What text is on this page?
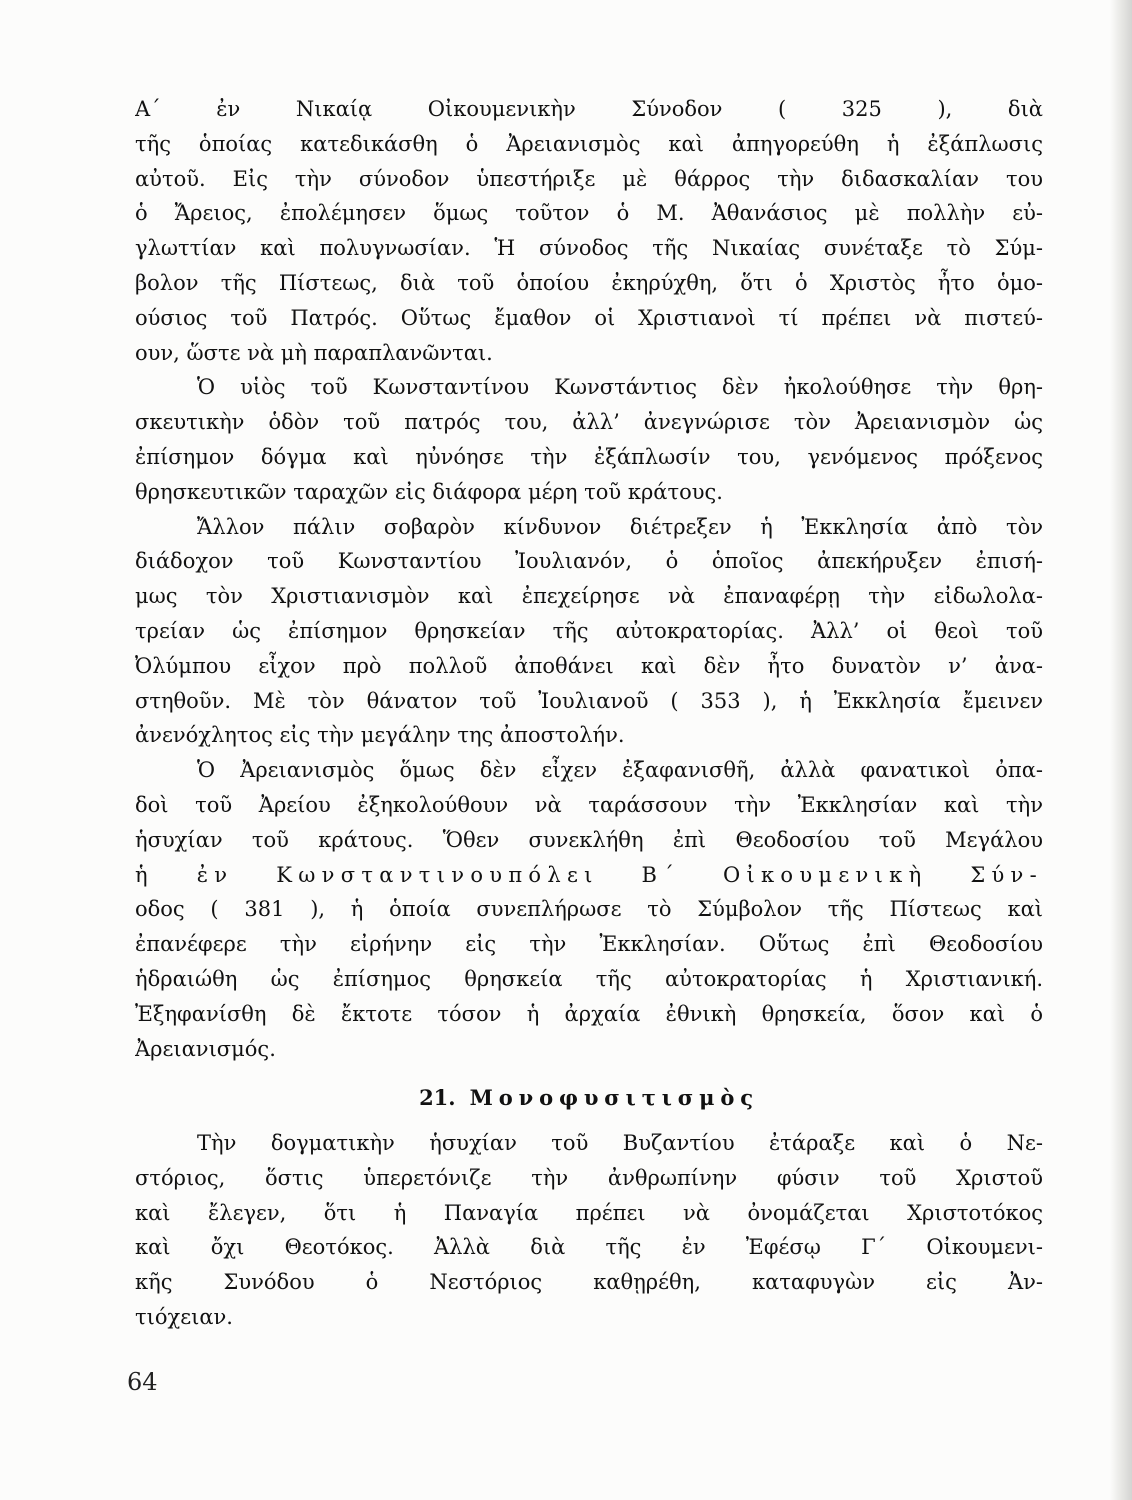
Α΄ ἐν Νικαίᾳ Οἰκουμενικὴν Σύνοδον ( 325 ), διὰ
τῆς ὁποίας κατεδικάσθη ὁ Ἀρειανισμὸς καὶ ἀπηγορεύθη ἡ ἐξάπλωσις
αὐτοῦ. Εἰς τὴν σύνοδον ὑπεστήριξε μὲ θάρρος τὴν διδασκαλίαν του
ὁ Ἄρειος, ἐπολέμησεν ὅμως τοῦτον ὁ Μ. Ἀθανάσιος μὲ πολλὴν εὐ-
γλωττίαν καὶ πολυγνωσίαν. Ἡ σύνοδος τῆς Νικαίας συνέταξε τὸ Σύμ-
βολον τῆς Πίστεως, διὰ τοῦ ὁποίου ἐκηρύχθη, ὅτι ὁ Χριστὸς ἦτο ὁμο-
ούσιος τοῦ Πατρός. Οὕτως ἔμαθον οἱ Χριστιανοὶ τί πρέπει νὰ πιστεύ-
ουν, ὥστε νὰ μὴ παραπλανῶνται.
Ὁ υἱὸς τοῦ Κωνσταντίνου Κωνστάντιος δὲν ἠκολούθησε τὴν θρη-
σκευτικὴν ὁδὸν τοῦ πατρός του, ἀλλ’ ἀνεγνώρισε τὸν Ἀρειανισμὸν ὡς
ἐπίσημον δόγμα καὶ ηὐνόησε τὴν ἐξάπλωσίν του, γενόμενος πρόξενος
θρησκευτικῶν ταραχῶν εἰς διάφορα μέρη τοῦ κράτους.
Ἄλλον πάλιν σοβαρὸν κίνδυνον διέτρεξεν ἡ Ἐκκλησία ἀπὸ τὸν
διάδοχον τοῦ Κωνσταντίου Ἰουλιανόν, ὁ ὁποῖος ἀπεκήρυξεν ἐπισή-
μως τὸν Χριστιανισμὸν καὶ ἐπεχείρησε νὰ ἐπαναφέρῃ τὴν εἰδωλολα-
τρείαν ὡς ἐπίσημον θρησκείαν τῆς αὐτοκρατορίας. Ἀλλ’ οἱ θεοὶ τοῦ
Ὀλύμπου εἶχον πρὸ πολλοῦ ἀποθάνει καὶ δὲν ἦτο δυνατὸν ν’ ἀνα-
στηθοῦν. Μὲ τὸν θάνατον τοῦ Ἰουλιανοῦ ( 353 ), ἡ Ἐκκλησία ἔμεινεν
ἀνενόχλητος εἰς τὴν μεγάλην της ἀποστολήν.
Ὁ Ἀρειανισμὸς ὅμως δὲν εἶχεν ἐξαφανισθῆ, ἀλλὰ φανατικοὶ ὀπα-
δοὶ τοῦ Ἀρείου ἐξηκολούθουν νὰ ταράσσουν τὴν Ἐκκλησίαν καὶ τὴν
ἡσυχίαν τοῦ κράτους. Ὅθεν συνεκλήθη ἐπὶ Θεοδοσίου τοῦ Μεγάλου
ἡ ἐν Κωνσταντινουπόλει Β΄ Οἰκουμενικὴ Σύν-
οδος ( 381 ), ἡ ὁποία συνεπλήρωσε τὸ Σύμβολον τῆς Πίστεως καὶ
ἐπανέφερε τὴν εἰρήνην εἰς τὴν Ἐκκλησίαν. Οὕτως ἐπὶ Θεοδοσίου
ἡδραιώθη ὡς ἐπίσημος θρησκεία τῆς αὐτοκρατορίας ἡ Χριστιανική.
Ἐξηφανίσθη δὲ ἔκτοτε τόσον ἡ ἀρχαία ἐθνικὴ θρησκεία, ὅσον καὶ ὁ
Ἀρειανισμός.
21. Μονοφυσιτισμὸς
Τὴν δογματικὴν ἡσυχίαν τοῦ Βυζαντίου ἐτάραξε καὶ ὁ Νε-
στόριος, ὅστις ὑπερετόνιζε τὴν ἀνθρωπίνην φύσιν τοῦ Χριστοῦ
καὶ ἔλεγεν, ὅτι ἡ Παναγία πρέπει νὰ ὀνομάζεται Χριστοτόκος
καὶ ὄχι Θεοτόκος. Ἀλλὰ διὰ τῆς ἐν Ἐφέσῳ Γ΄ Οἰκουμενι-
κῆς Συνόδου ὁ Νεστόριος καθῃρέθη, καταφυγὼν εἰς Ἀν-
τιόχειαν.
64
